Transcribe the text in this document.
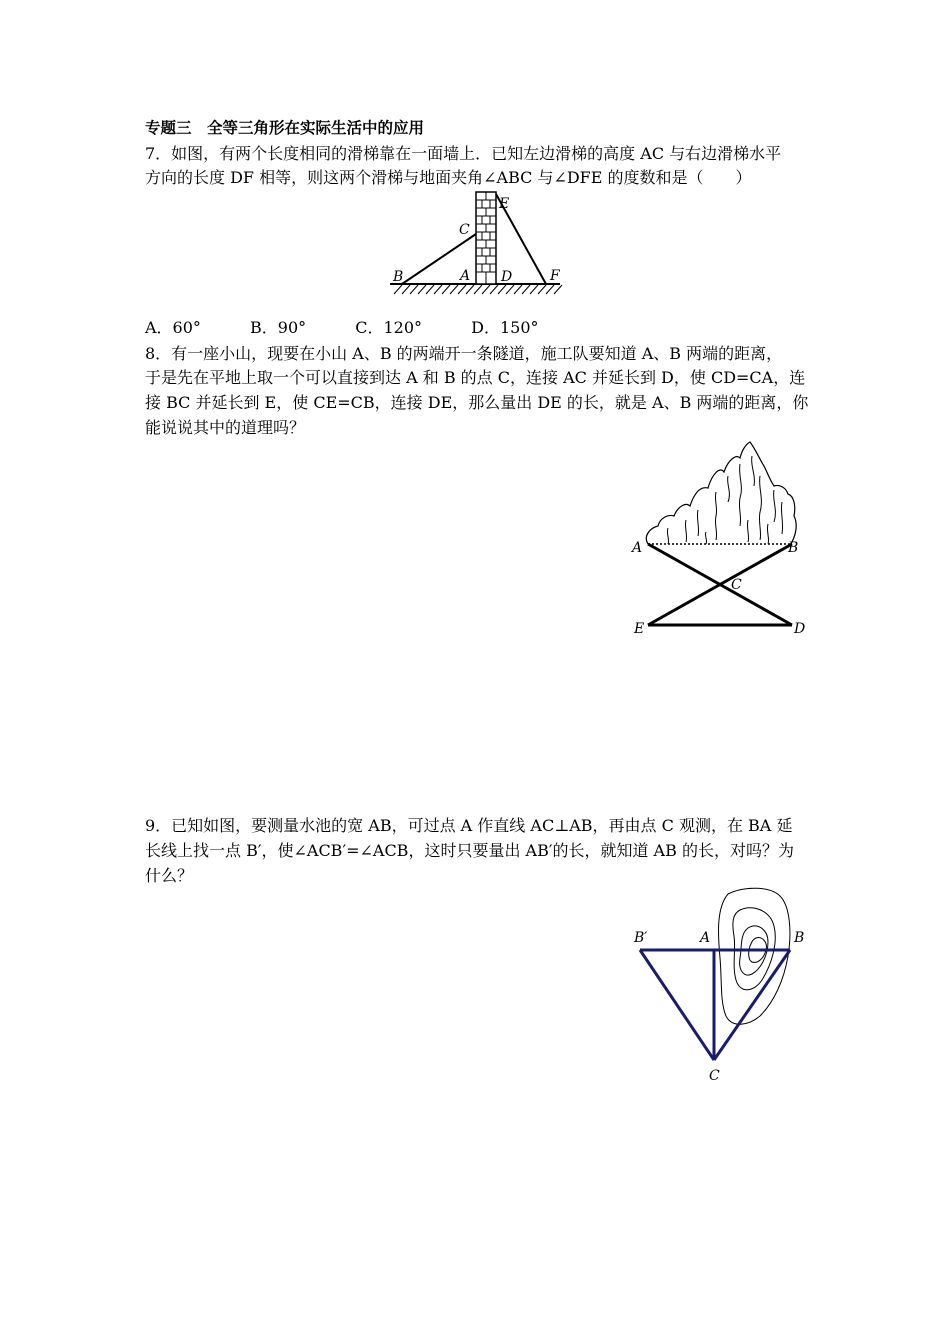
专题三　全等三角形在实际生活中的应用
7．如图，有两个长度相同的滑梯靠在一面墙上．已知左边滑梯的高度 AC 与右边滑梯水平
方向的长度 DF 相等，则这两个滑梯与地面夹角∠ABC 与∠DFE 的度数和是（　　）
B	A
C
D
E
F
A．60°	B．90°	C．120°	D．150°
8．有一座小山，现要在小山 A、B 的两端开一条隧道，施工队要知道 A、B 两端的距离，
于是先在平地上取一个可以直接到达 A 和 B 的点 C，连接 AC 并延长到 D，使 CD=CA，连
接 BC 并延长到 E，使 CE=CB，连接 DE，那么量出 DE 的长，就是 A、B 两端的距离，你
能说说其中的道理吗？
A	B
C
E	D
9．已知如图，要测量水池的宽 AB，可过点 A 作直线 AC⊥AB，再由点 C 观测，在 BA 延
长线上找一点 B′，使∠ACB′=∠ACB，这时只要量出 AB′的长，就知道 AB 的长，对吗？为
什么？
B′	A	B
C
